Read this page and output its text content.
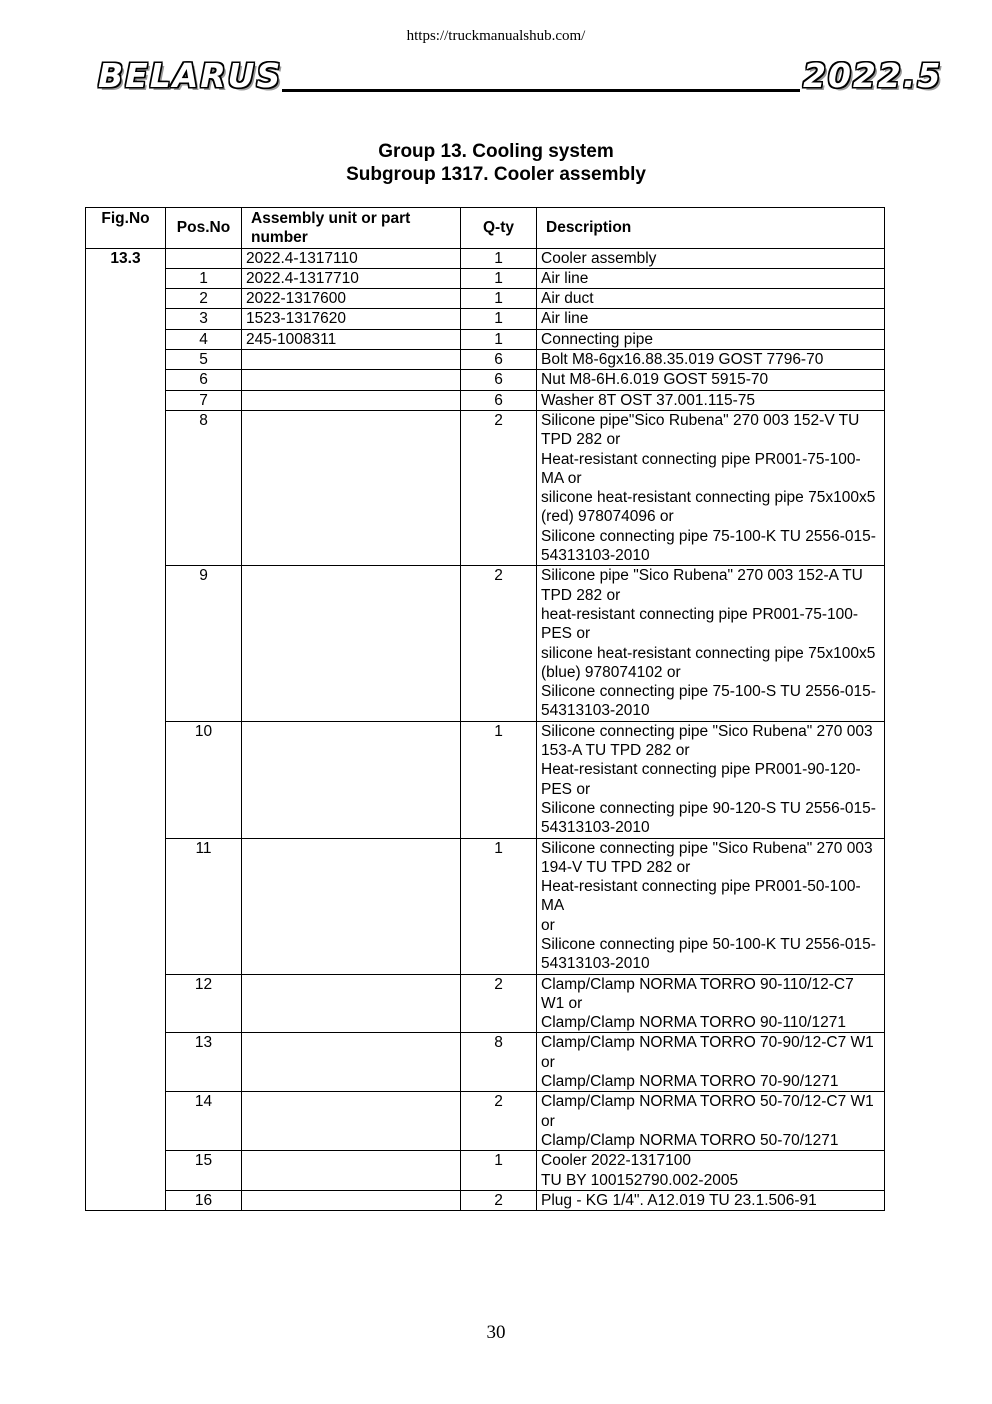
https://truckmanualshub.com/
BELARUS	2022.5
Group 13. Cooling system
Subgroup 1317. Cooler assembly
Fig.No	Pos.No	Assembly unit or part number	Q-ty	Description
13.3		2022.4-1317110	1	Cooler assembly
	1	2022.4-1317710	1	Air line
	2	2022-1317600	1	Air duct
	3	1523-1317620	1	Air line
	4	245-1008311	1	Connecting pipe
	5		6	Bolt M8-6gx16.88.35.019 GOST 7796-70
	6		6	Nut M8-6H.6.019 GOST 5915-70
	7		6	Washer 8T OST 37.001.115-75
	8		2	Silicone pipe"Sico Rubena" 270 003 152-V TU TPD 282 or
Heat-resistant connecting pipe PR001-75-100-MA or
silicone heat-resistant connecting pipe 75x100x5 (red) 978074096 or
Silicone connecting pipe 75-100-K TU 2556-015-54313103-2010

	9		2	Silicone pipe "Sico Rubena" 270 003 152-A TU TPD 282 or
heat-resistant connecting pipe PR001-75-100-PES or
silicone heat-resistant connecting pipe 75x100x5 (blue) 978074102 or
Silicone connecting pipe 75-100-S TU 2556-015-54313103-2010

	10		1	Silicone connecting pipe "Sico Rubena" 270 003 153-A TU TPD 282 or
Heat-resistant connecting pipe PR001-90-120-PES or
Silicone connecting pipe 90-120-S TU 2556-015-54313103-2010

	11		1	Silicone connecting pipe "Sico Rubena" 270 003 194-V TU TPD 282 or
Heat-resistant connecting pipe PR001-50-100-MA
or
Silicone connecting pipe 50-100-K TU 2556-015-54313103-2010

	12		2	Clamp/Clamp NORMA TORRO 90-110/12-C7 W1 or
Clamp/Clamp NORMA TORRO 90-110/1271

	13		8	Clamp/Clamp NORMA TORRO 70-90/12-C7 W1 or
Clamp/Clamp NORMA TORRO 70-90/1271

	14		2	Clamp/Clamp NORMA TORRO 50-70/12-C7 W1 or
Clamp/Clamp NORMA TORRO 50-70/1271

	15		1	Cooler 2022-1317100
TU BY 100152790.002-2005

	16		2	Plug - KG 1/4". A12.019 TU 23.1.506-91
30
